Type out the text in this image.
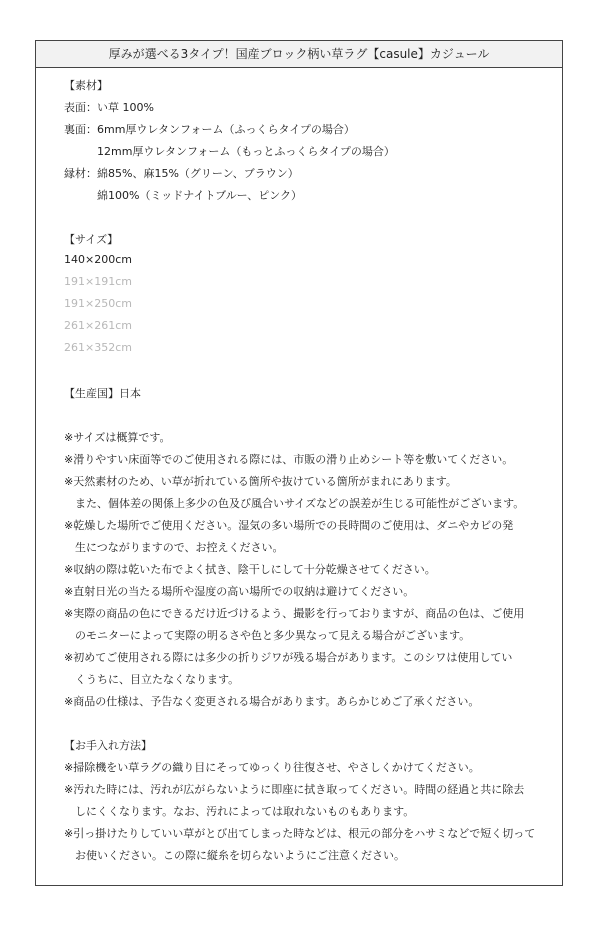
厚みが選べる3タイプ！国産ブロック柄い草ラグ【casule】カジュール
【素材】
表面：い草 100%
裏面：6mm厚ウレタンフォーム（ふっくらタイプの場合）
12mm厚ウレタンフォーム（もっとふっくらタイプの場合）
縁材：綿85%、麻15%（グリーン、ブラウン）
綿100%（ミッドナイトブルー、ピンク）
【サイズ】
140×200cm
191×191cm
191×250cm
261×261cm
261×352cm
【生産国】日本
※サイズは概算です。
※滑りやすい床面等でのご使用される際には、市販の滑り止めシート等を敷いてください。
※天然素材のため、い草が折れている箇所や抜けている箇所がまれにあります。
　また、個体差の関係上多少の色及び風合いサイズなどの誤差が生じる可能性がございます。
※乾燥した場所でご使用ください。湿気の多い場所での長時間のご使用は、ダニやカビの発
　生につながりますので、お控えください。
※収納の際は乾いた布でよく拭き、陰干しにして十分乾燥させてください。
※直射日光の当たる場所や湿度の高い場所での収納は避けてください。
※実際の商品の色にできるだけ近づけるよう、撮影を行っておりますが、商品の色は、ご使用
　のモニターによって実際の明るさや色と多少異なって見える場合がございます。
※初めてご使用される際には多少の折りジワが残る場合があります。このシワは使用してい
　くうちに、目立たなくなります。
※商品の仕様は、予告なく変更される場合があります。あらかじめご了承ください。
【お手入れ方法】
※掃除機をい草ラグの織り目にそってゆっくり往復させ、やさしくかけてください。
※汚れた時には、汚れが広がらないように即座に拭き取ってください。時間の経過と共に除去
　しにくくなります。なお、汚れによっては取れないものもあります。
※引っ掛けたりしていい草がとび出てしまった時などは、根元の部分をハサミなどで短く切って
　お使いください。この際に縦糸を切らないようにご注意ください。
